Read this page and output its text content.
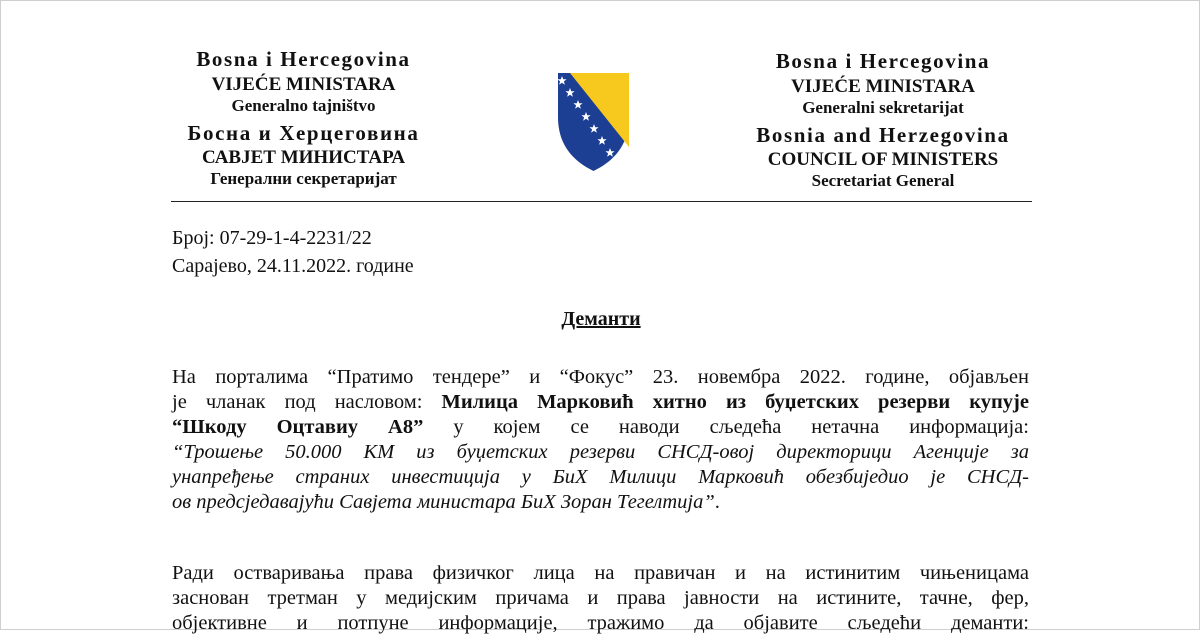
Bosna i Hercegovina
VIJEĆE MINISTARA
Generalno tajništvo
Босна и Херцеговина
САВЈЕТ МИНИСТАРА
Генерални секретаријат
Bosna i Hercegovina
VIJEĆE MINISTARA
Generalni sekretarijat
Bosnia and Herzegovina
COUNCIL OF MINISTERS
Secretariat General
Број: 07-29-1-4-2231/22
Сарајево, 24.11.2022. године
Деманти
На порталима “Пратимо тендере” и “Фокус” 23. новембра 2022. године, објављен
је чланак под насловом: Милица Марковић хитно из буџетских резерви купује
“Шкоду Оцтавиу А8” у којем се наводи сљедећа нетачна информација:
“Трошење 50.000 КМ из буџетских резерви СНСД-овој директорици Агенције за
унапређење страних инвестиција у БиХ Милици Марковић обезбиједио је СНСД-
ов предсједавајући Савјета министара БиХ Зоран Тегелтија”.
Ради остваривања права физичког лица на правичан и на истинитим чињеницама
заснован третман у медијским причама и права јавности на истините, тачне, фер,
објективне и потпуне информације, тражимо да објавите сљедећи деманти:
